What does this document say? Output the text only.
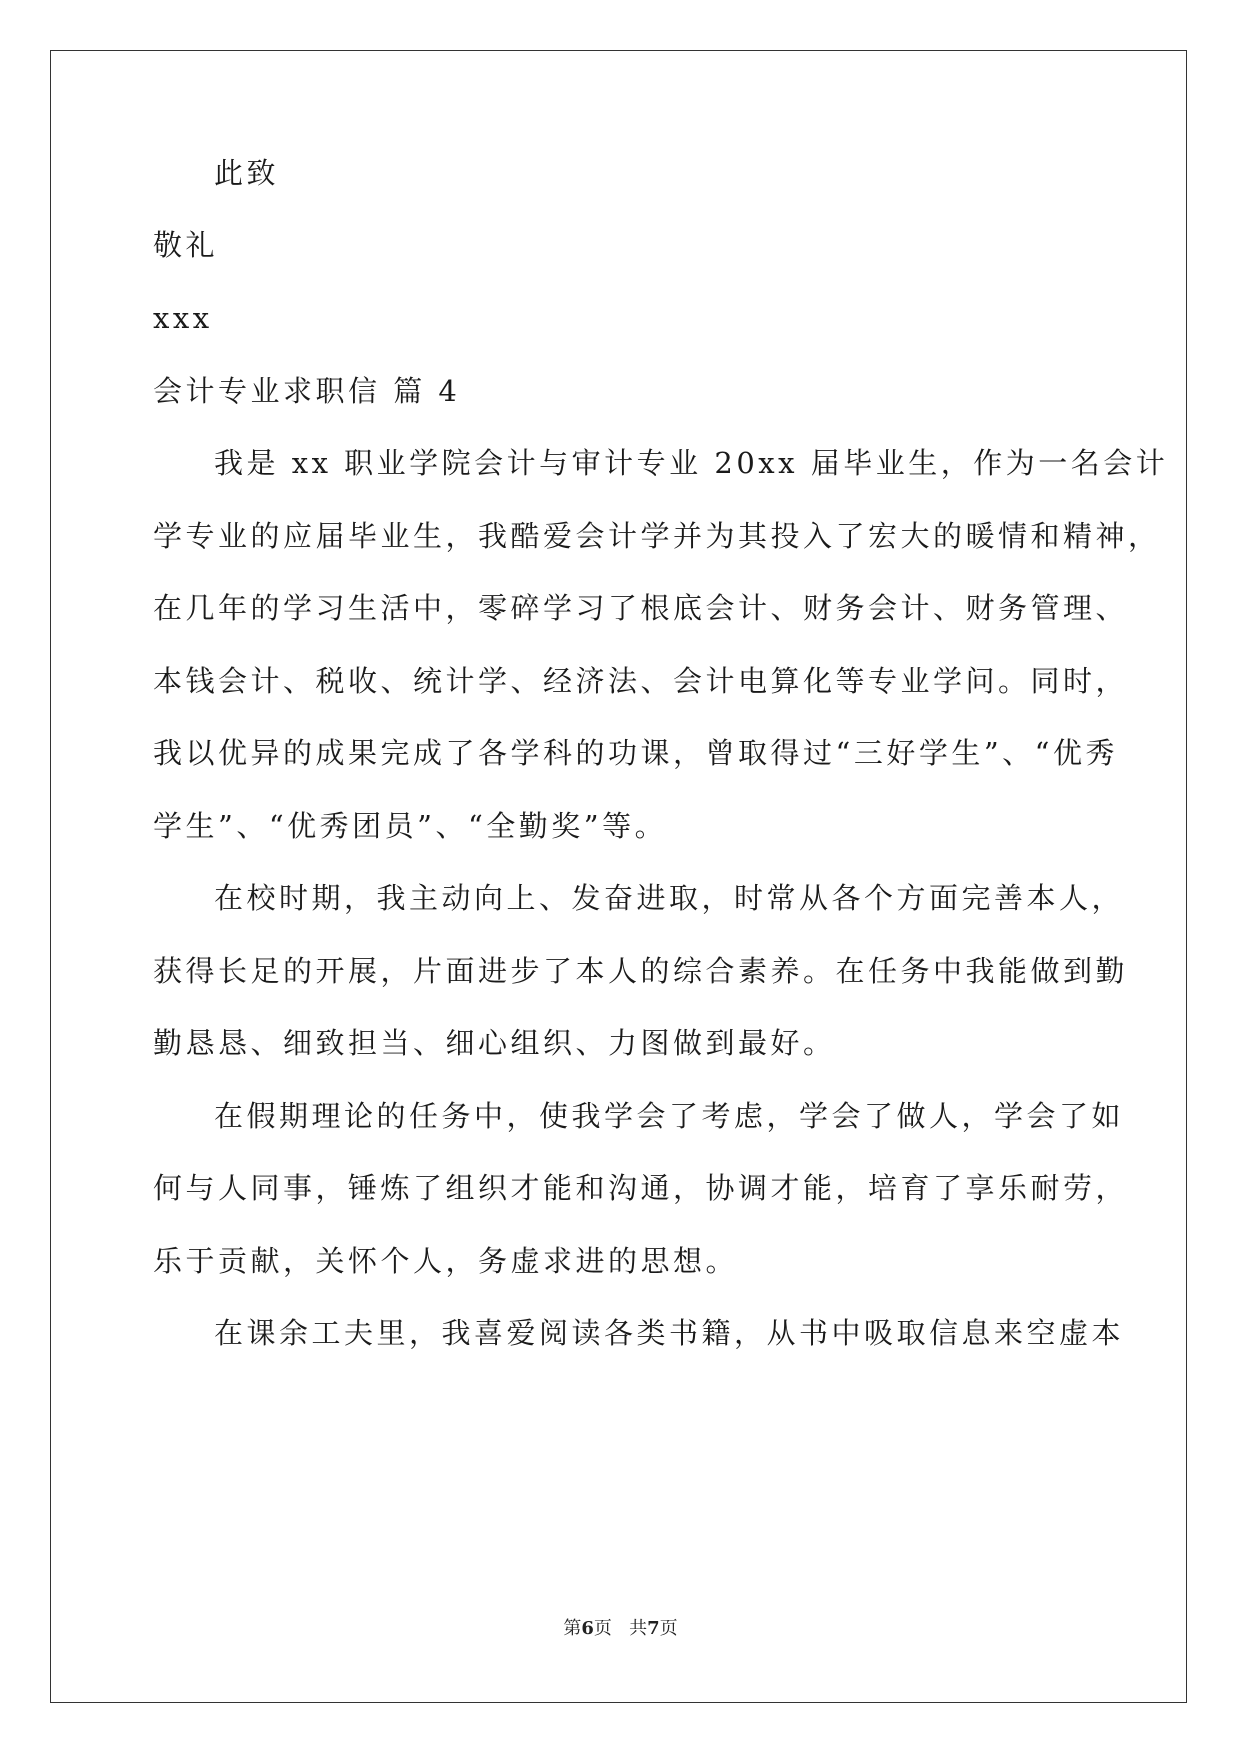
此致
敬礼
xxx
会计专业求职信 篇 4
我是 xx 职业学院会计与审计专业 20xx 届毕业生，作为一名会计
学专业的应届毕业生，我酷爱会计学并为其投入了宏大的暖情和精神，
在几年的学习生活中，零碎学习了根底会计、财务会计、财务管理、
本钱会计、税收、统计学、经济法、会计电算化等专业学问。同时，
我以优异的成果完成了各学科的功课，曾取得过“三好学生”、“优秀
学生”、“优秀团员”、“全勤奖”等。
在校时期，我主动向上、发奋进取，时常从各个方面完善本人，
获得长足的开展，片面进步了本人的综合素养。在任务中我能做到勤
勤恳恳、细致担当、细心组织、力图做到最好。
在假期理论的任务中，使我学会了考虑，学会了做人，学会了如
何与人同事，锤炼了组织才能和沟通，协调才能，培育了享乐耐劳，
乐于贡献，关怀个人，务虚求进的思想。
在课余工夫里，我喜爱阅读各类书籍，从书中吸取信息来空虚本
第6页 共7页
